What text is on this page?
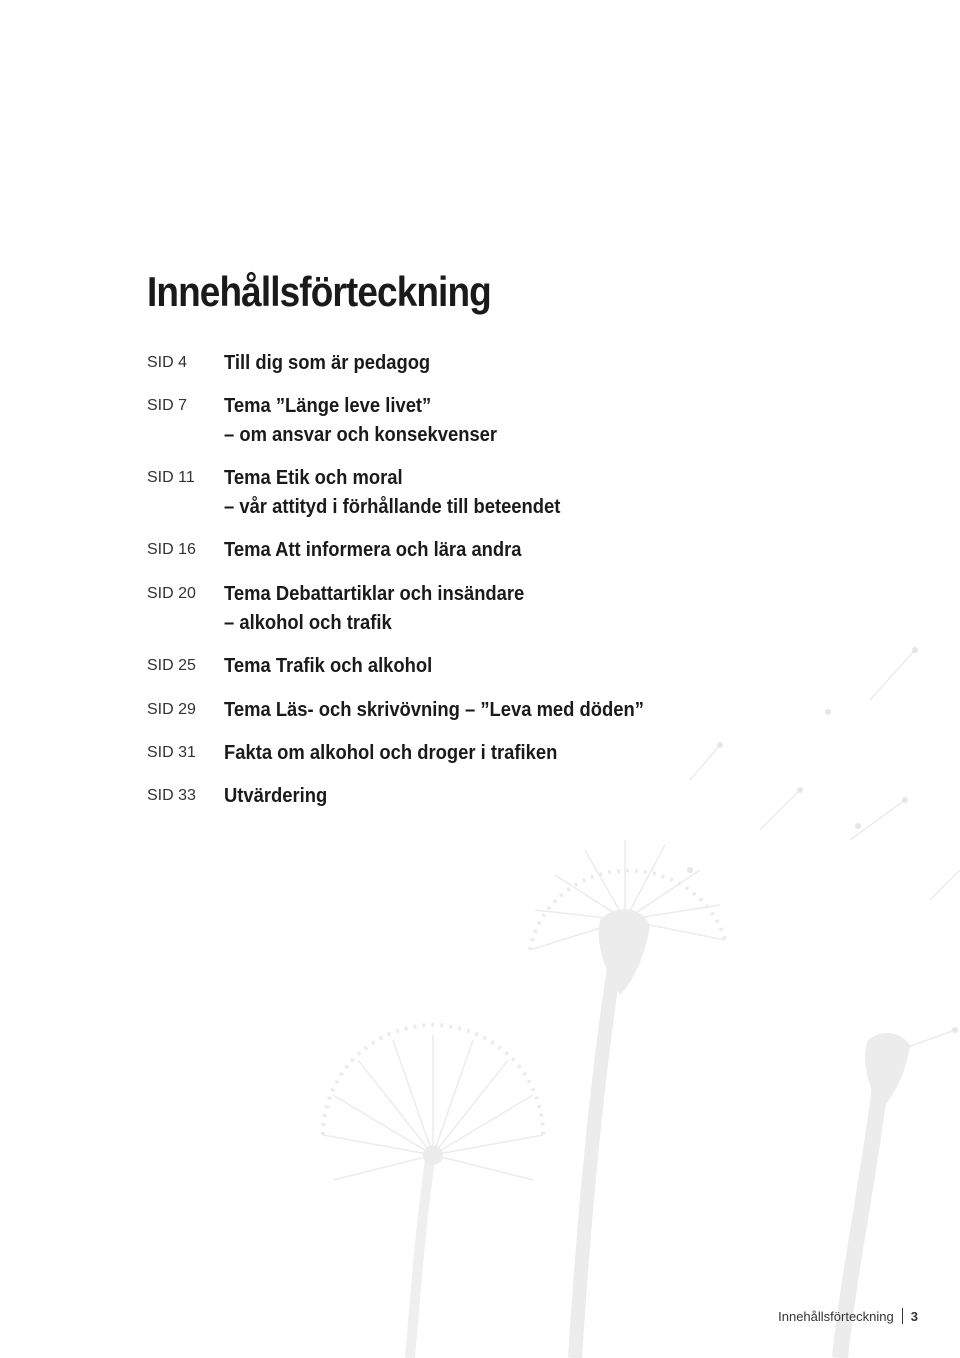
Innehållsförteckning
SID 4 Till dig som är pedagog
SID 7 Tema ”Länge leve livet”
– om ansvar och konsekvenser
SID 11 Tema Etik och moral
– vår attityd i förhållande till beteendet
SID 16 Tema Att informera och lära andra
SID 20 Tema Debattartiklar och insändare
– alkohol och trafik
SID 25 Tema Trafik och alkohol
SID 29 Tema Läs- och skrivövning – ”Leva med döden”
SID 31 Fakta om alkohol och droger i trafiken
SID 33 Utvärdering
Innehållsförteckning 3
